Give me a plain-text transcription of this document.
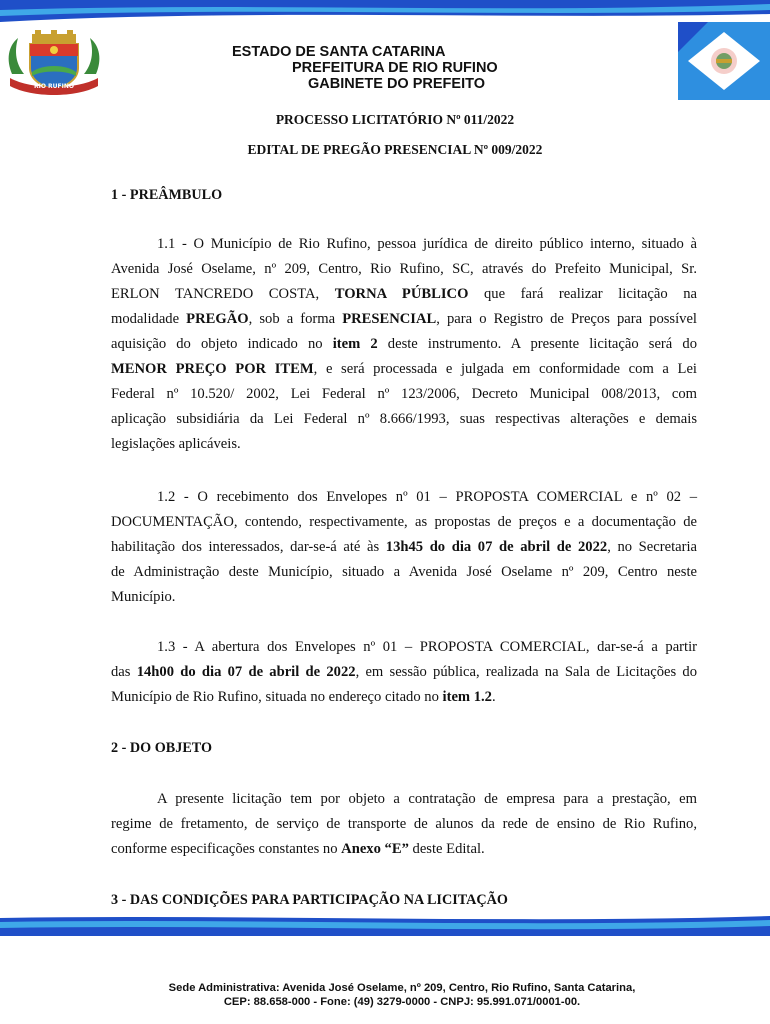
RIO RUFINO
ESTADO DE SANTA CATARINA
PREFEITURA DE RIO RUFINO
GABINETE DO PREFEITO
PROCESSO LICITATÓRIO Nº 011/2022
EDITAL DE PREGÃO PRESENCIAL Nº 009/2022
1 - PREÂMBULO
1.1 - O Município de Rio Rufino, pessoa jurídica de direito público interno, situado à
Avenida José Oselame, nº 209, Centro, Rio Rufino, SC, através do Prefeito Municipal, Sr.
ERLON TANCREDO COSTA, TORNA PÚBLICO que fará realizar licitação na
modalidade PREGÃO, sob a forma PRESENCIAL, para o Registro de Preços para possível
aquisição do objeto indicado no item 2 deste instrumento. A presente licitação será do
MENOR PREÇO POR ITEM, e será processada e julgada em conformidade com a Lei
Federal nº 10.520/ 2002, Lei Federal nº 123/2006, Decreto Municipal 008/2013, com
aplicação subsidiária da Lei Federal nº 8.666/1993, suas respectivas alterações e demais
legislações aplicáveis.
1.2 - O recebimento dos Envelopes nº 01 – PROPOSTA COMERCIAL e nº 02 –
DOCUMENTAÇÃO, contendo, respectivamente, as propostas de preços e a documentação de
habilitação dos interessados, dar-se-á até às 13h45 do dia 07 de abril de 2022, no Secretaria
de Administração deste Município, situado a Avenida José Oselame nº 209, Centro neste
Município.
1.3 - A abertura dos Envelopes nº 01 – PROPOSTA COMERCIAL, dar-se-á a partir
das 14h00 do dia 07 de abril de 2022, em sessão pública, realizada na Sala de Licitações do
Município de Rio Rufino, situada no endereço citado no item 1.2.
2 - DO OBJETO
A presente licitação tem por objeto a contratação de empresa para a prestação, em
regime de fretamento, de serviço de transporte de alunos da rede de ensino de Rio Rufino,
conforme especificações constantes no Anexo “E” deste Edital.
3 - DAS CONDIÇÕES PARA PARTICIPAÇÃO NA LICITAÇÃO
Sede Administrativa: Avenida José Oselame, nº 209, Centro, Rio Rufino, Santa Catarina,
CEP: 88.658-000 - Fone: (49) 3279-0000 - CNPJ: 95.991.071/0001-00.
